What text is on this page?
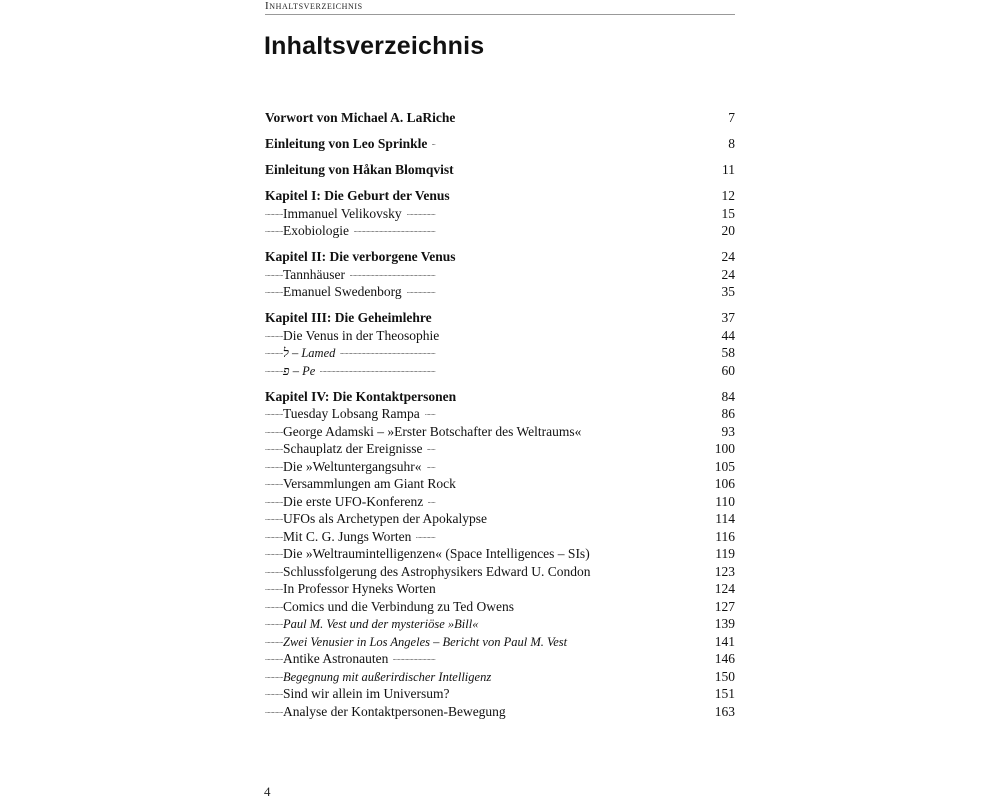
Inhaltsverzeichnis
Inhaltsverzeichnis
Vorwort von Michael A. LaRiche	7
. . .
Einleitung von Leo Sprinkle	8
. . .
Einleitung von Håkan Blomqvist	11
. . .
Kapitel I: Die Geburt der Venus	12
. . .
Immanuel Velikovsky	15
. . .
Exobiologie	20
. . .
Kapitel II: Die verborgene Venus	24
. . .
Tannhäuser	24
. . .
Emanuel Swedenborg	35
. . .
Kapitel III: Die Geheimlehre	37
. . .
Die Venus in der Theosophie	44
. . .
ל – Lamed	58
. . .
פ – Pe	60
. . .
Kapitel IV: Die Kontaktpersonen	84
. . .
Tuesday Lobsang Rampa	86
. . .
George Adamski – »Erster Botschafter des Weltraums«	93
. . .
Schauplatz der Ereignisse	100
. . .
Die »Weltuntergangsuhr«	105
. . .
Versammlungen am Giant Rock	106
. . .
Die erste UFO-Konferenz	110
. . .
UFOs als Archetypen der Apokalypse	114
. . .
Mit C. G. Jungs Worten	116
. . .
Die »Weltraumintelligenzen« (Space Intelligences – SIs)	119
. . .
Schlussfolgerung des Astrophysikers Edward U. Condon	123
. . .
In Professor Hyneks Worten	124
. . .
Comics und die Verbindung zu Ted Owens	127
. . .
Paul M. Vest und der mysteriöse »Bill«	139
. . .
Zwei Venusier in Los Angeles – Bericht von Paul M. Vest	141
. . .
Antike Astronauten	146
. . .
Begegnung mit außerirdischer Intelligenz	150
. . .
Sind wir allein im Universum?	151
. . .
Analyse der Kontaktpersonen-Bewegung	163
. . .
4
